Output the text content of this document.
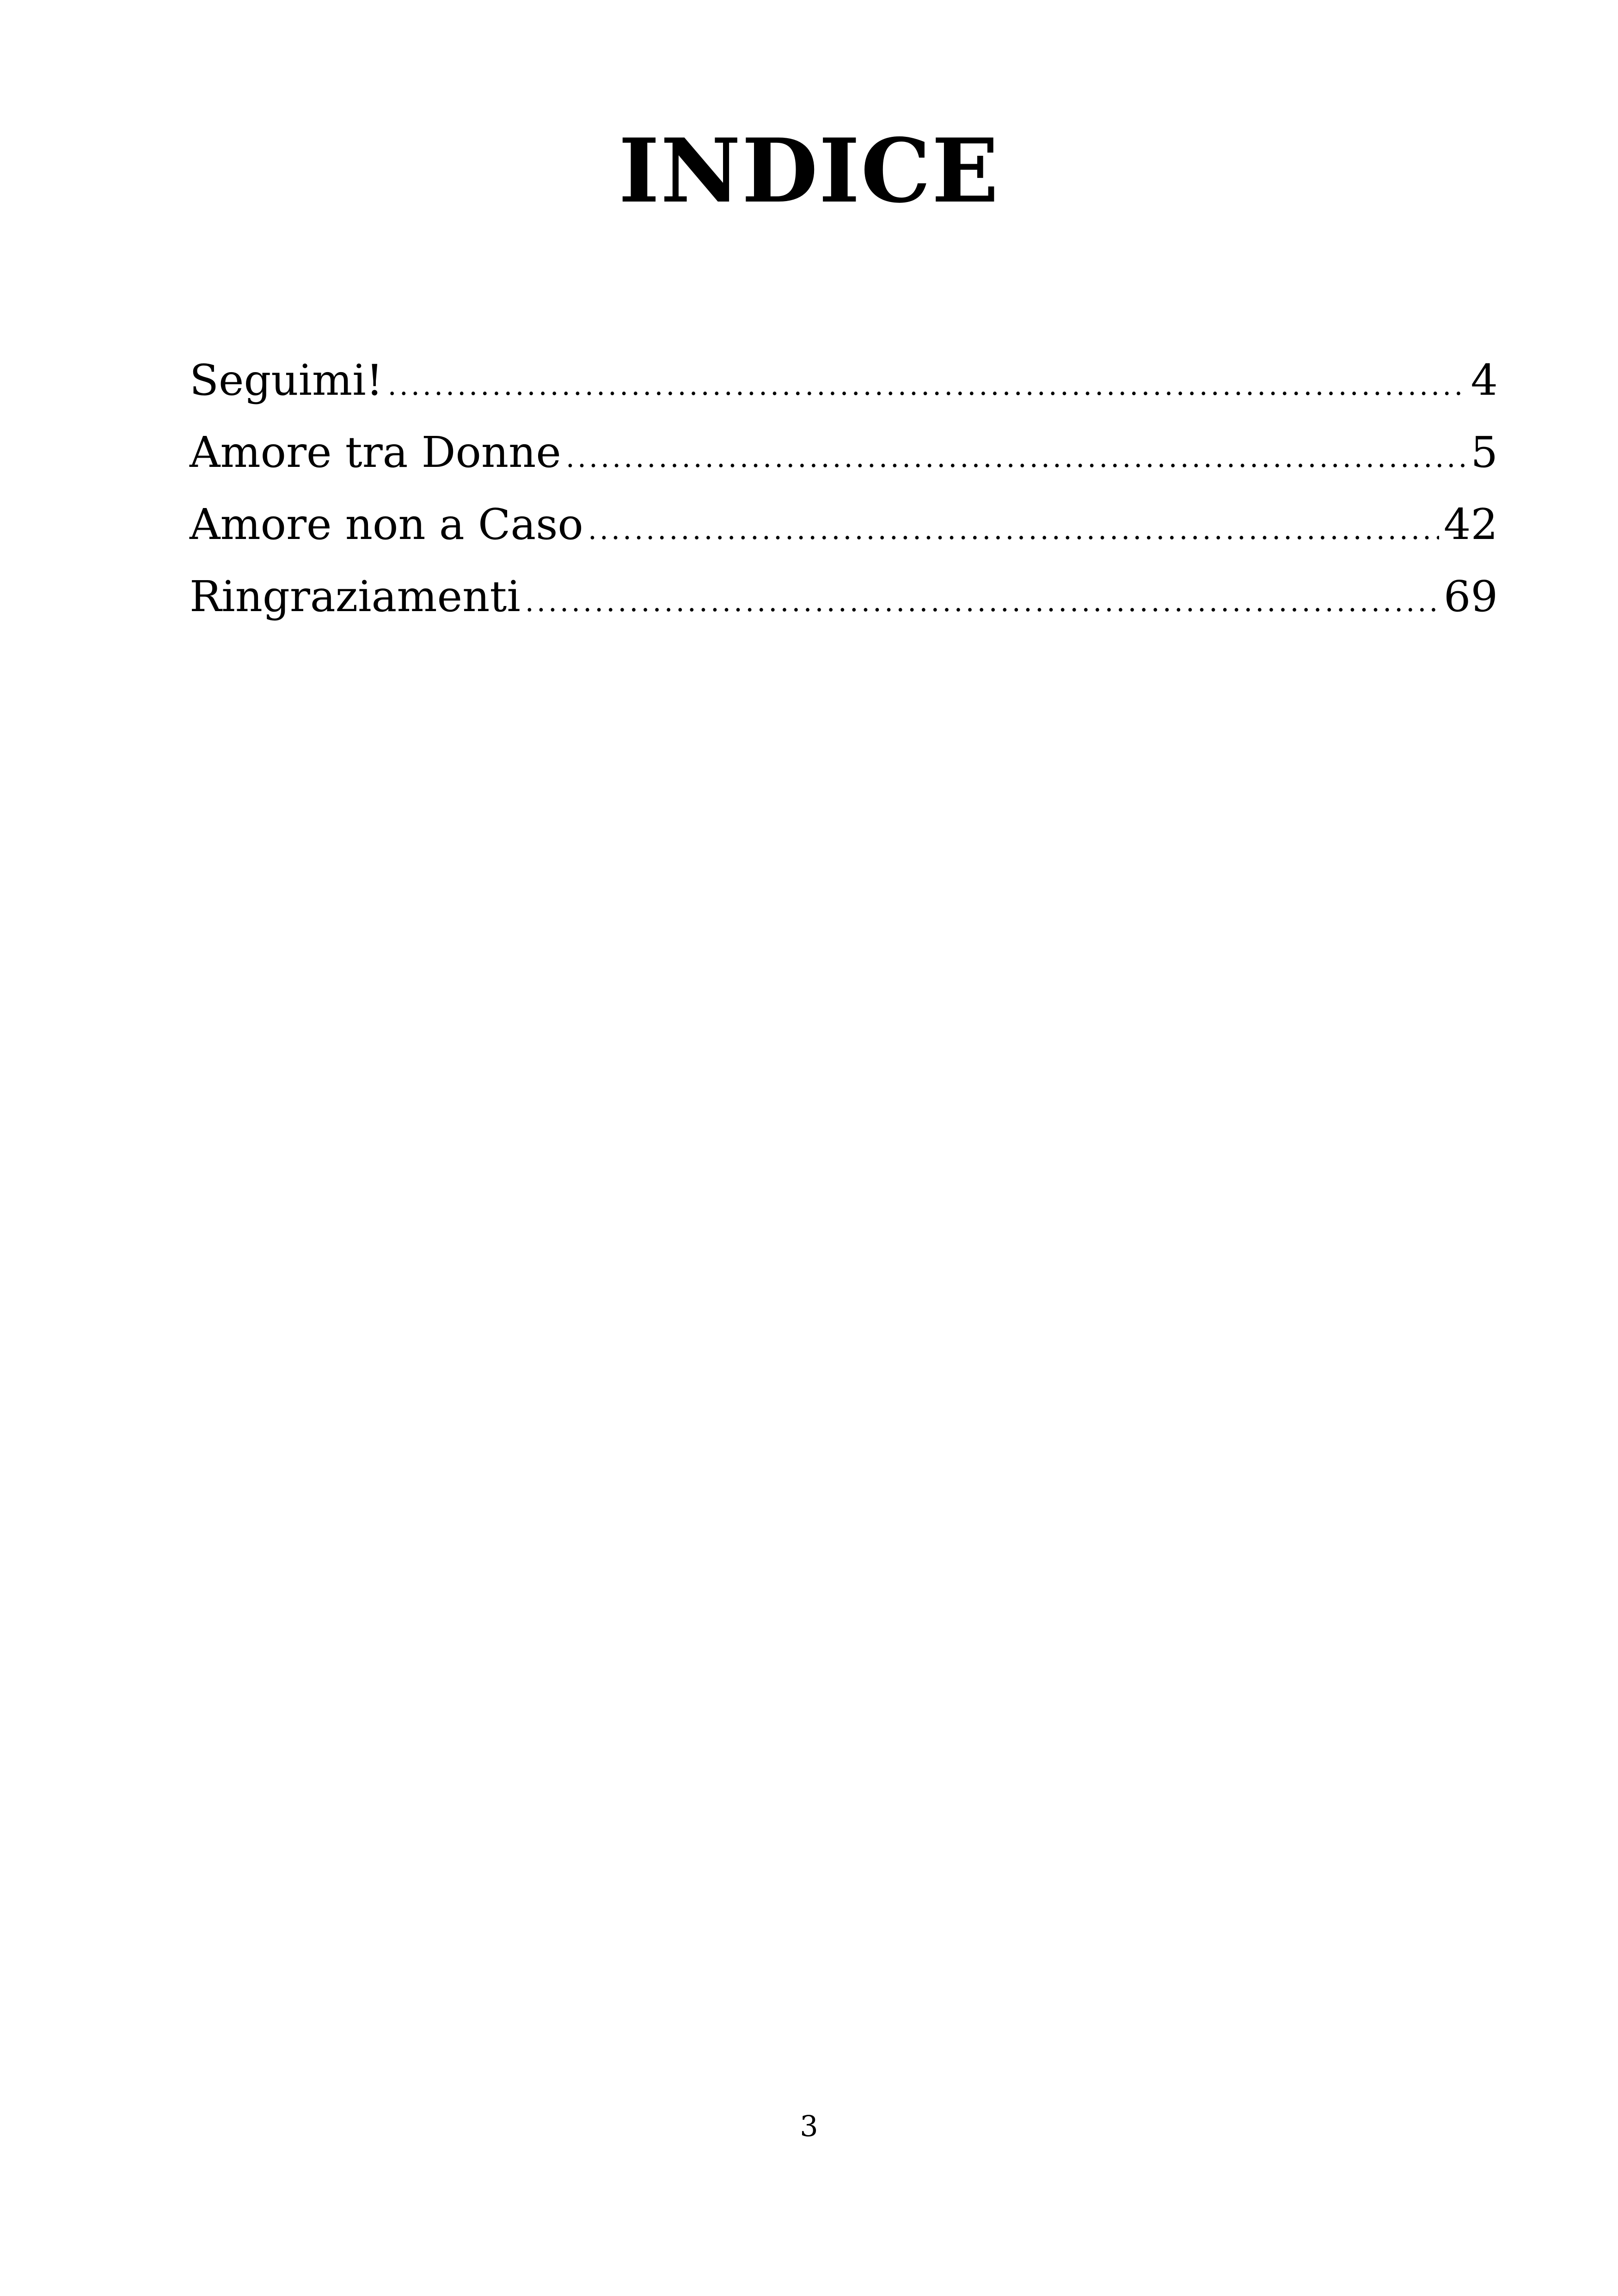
INDICE
Seguimi! .....	4
Amore tra Donne .....	5
Amore non a Caso .....	42
Ringraziamenti .....	69
3
